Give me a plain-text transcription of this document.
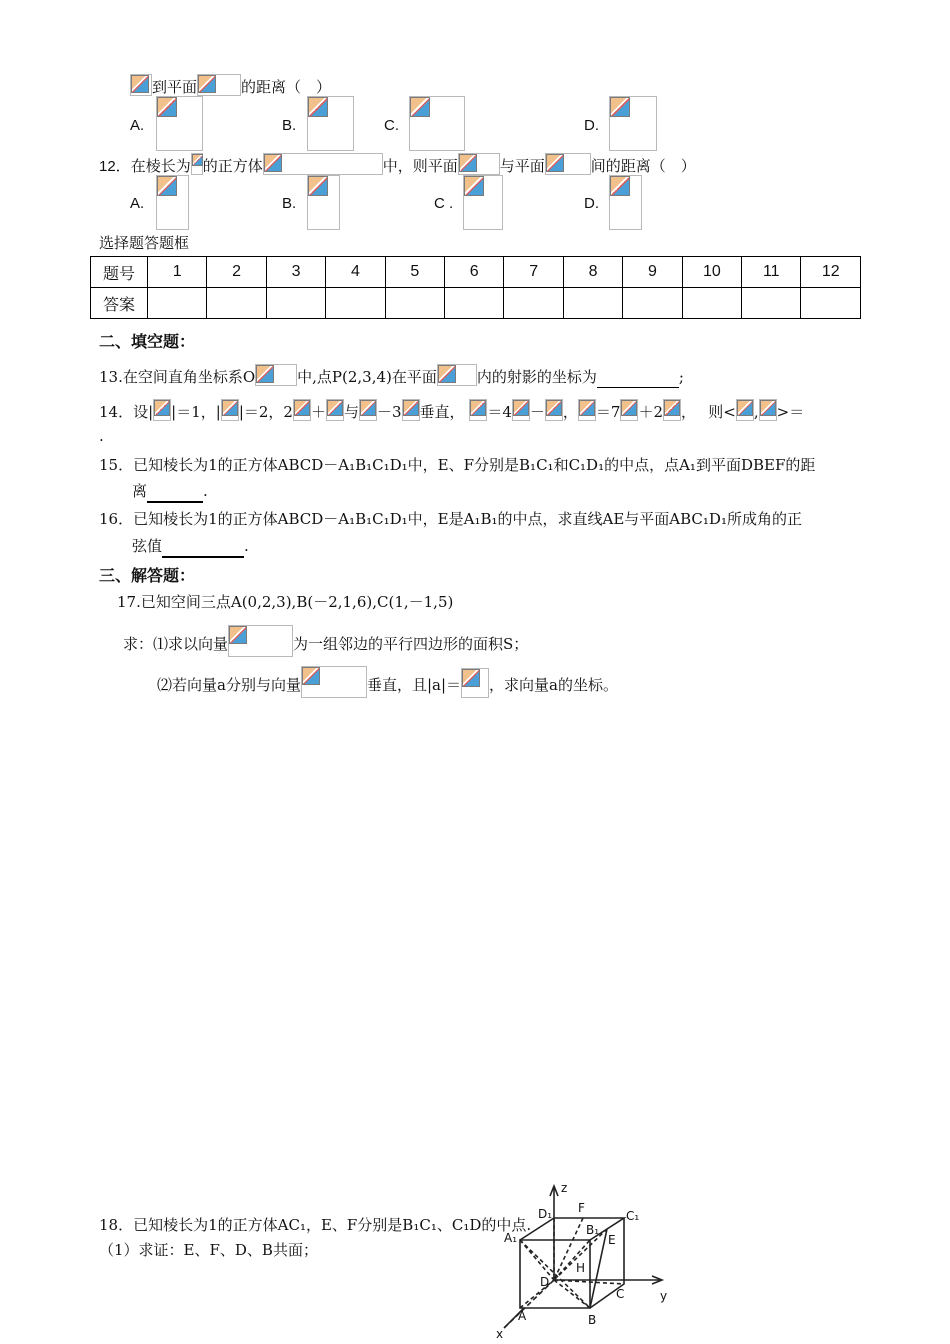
到平面	的距离（　）
A.	B.	C.	D.
12．在棱长为 的正方体	中，则平面	与平面	间的距离（　）
A.	B.	C .	D.
选择题答题框
题号	1	2	3	4	5	6	7	8	9	10	11	12
答案												
二、填空题：
13.在空间直角坐标系O	中,点P(2,3,4)在平面	内的射影的坐标为	;
14．设| |＝1，| |＝2，2 ＋ 与 －3 垂直， ＝4 － ， ＝7 ＋2 ，　 则< , >＝
.
15．已知棱长为1的正方体ABCD－A₁B₁C₁D₁中，E、F分别是B₁C₁和C₁D₁的中点，点A₁到平面DBEF的距
离	.
16．已知棱长为1的正方体ABCD－A₁B₁C₁D₁中，E是A₁B₁的中点，求直线AE与平面ABC₁D₁所成角的正
弦值	.
三、解答题：
17.已知空间三点A(0,2,3),B(－2,1,6),C(1,－1,5)
求：⑴求以向量	为一组邻边的平行四边形的面积S；
⑵若向量a分别与向量	垂直，且|a|＝ ，求向量a的坐标。
18．已知棱长为1的正方体AC₁，E、F分别是B₁C₁、C₁D的中点.
（1）求证：E、F、D、B共面；
z
F
C₁
D₁
B₁
E
A₁
H
D
C	y
A	B
x
